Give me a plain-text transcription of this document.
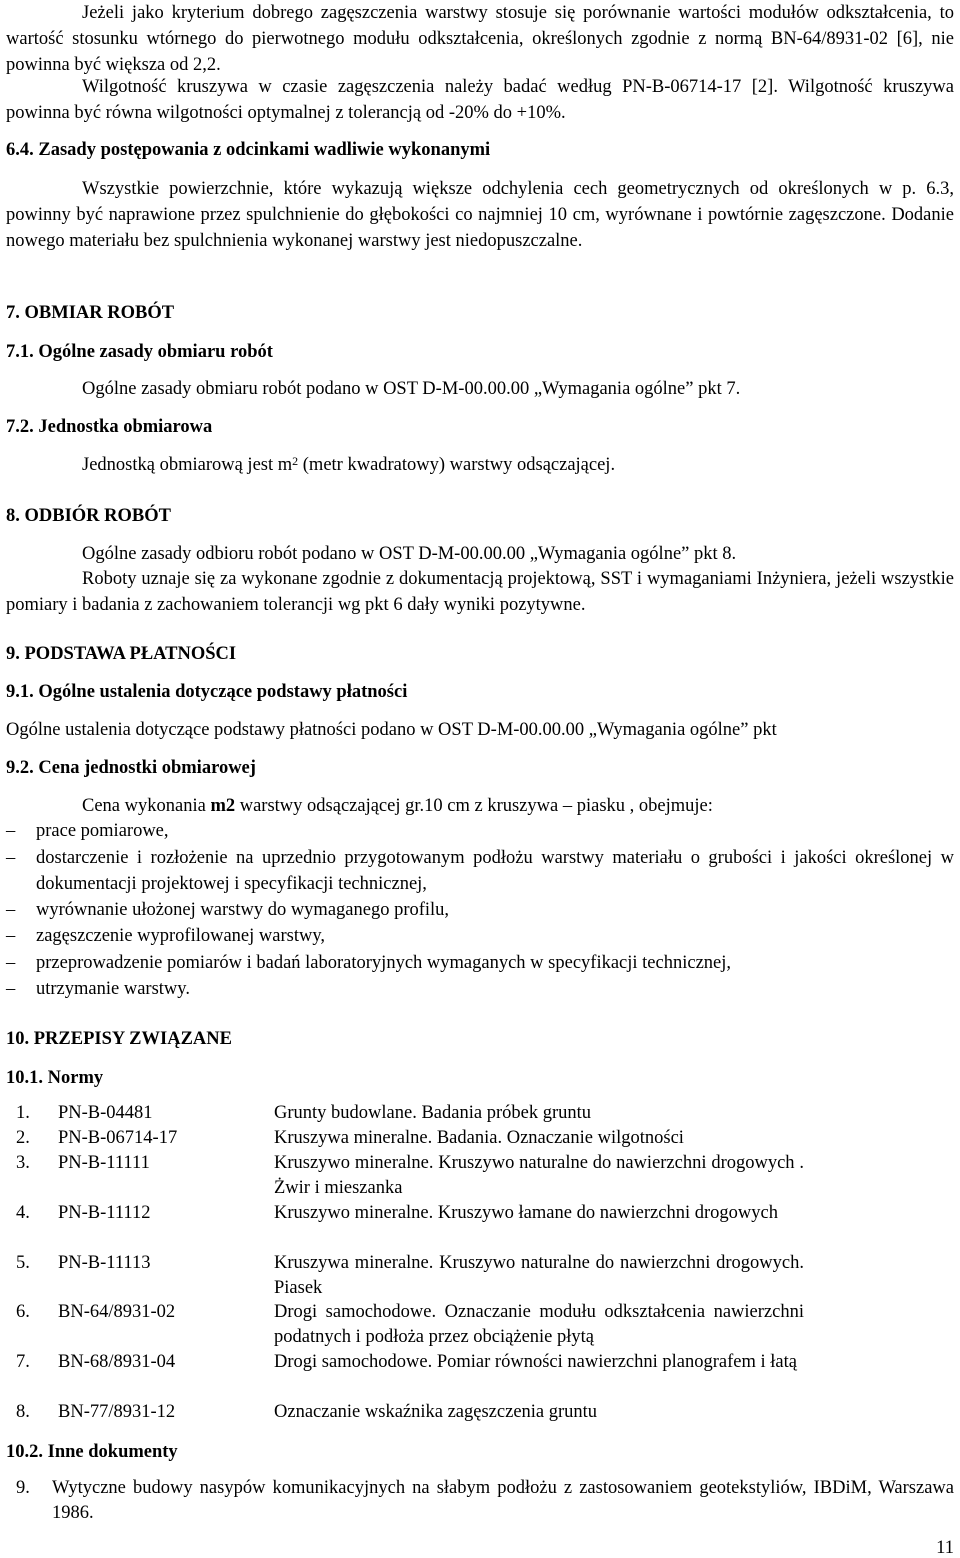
Jeżeli jako kryterium dobrego zagęszczenia warstwy stosuje się porównanie wartości modułów odkształcenia, to wartość stosunku wtórnego do pierwotnego modułu odkształcenia, określonych zgodnie z normą BN-64/8931-02 [6], nie powinna być większa od 2,2.

Wilgotność kruszywa w czasie zagęszczenia należy badać według PN-B-06714-17 [2]. Wilgotność kruszywa powinna być równa wilgotności optymalnej z tolerancją od -20% do +10%.

6.4. Zasady postępowania z odcinkami wadliwie wykonanymi

Wszystkie powierzchnie, które wykazują większe odchylenia cech geometrycznych od określonych w p. 6.3, powinny być naprawione przez spulchnienie do głębokości co najmniej 10 cm, wyrównane i powtórnie zagęszczone. Dodanie nowego materiału bez spulchnienia wykonanej warstwy jest niedopuszczalne.

7. OBMIAR ROBÓT
7.1. Ogólne zasady obmiaru robót
Ogólne zasady obmiaru robót podano w OST D-M-00.00.00 „Wymagania ogólne” pkt 7.
7.2. Jednostka obmiarowa
Jednostką obmiarową jest $m^2$ (metr kwadratowy) warstwy odsączającej.
8. ODBIÓR ROBÓT
Ogólne zasady odbioru robót podano w OST D-M-00.00.00 „Wymagania ogólne” pkt 8.

Roboty uznaje się za wykonane zgodnie z dokumentacją projektową, SST i wymaganiami Inżyniera, jeżeli wszystkie pomiary i badania z zachowaniem tolerancji wg pkt 6 dały wyniki pozytywne.

9. PODSTAWA PŁATNOŚCI
9.1. Ogólne ustalenia dotyczące podstawy płatności
Ogólne ustalenia dotyczące podstawy płatności podano w OST D-M-00.00.00 „Wymagania ogólne” pkt
9.2. Cena jednostki obmiarowej
Cena wykonania m2 warstwy odsączającej gr.10 cm z kruszywa – piasku , obejmuje:
–	prace pomiarowe,
–	dostarczenie i rozłożenie na uprzednio przygotowanym podłożu warstwy materiału o grubości i jakości określonej w dokumentacji projektowej i specyfikacji technicznej,
–	wyrównanie ułożonej warstwy do wymaganego profilu,
–	zagęszczenie wyprofilowanej warstwy,
–	przeprowadzenie pomiarów i badań laboratoryjnych wymaganych w specyfikacji technicznej,
–	utrzymanie warstwy.
10. PRZEPISY ZWIĄZANE
10.1. Normy
1. PN-B-04481	Grunty budowlane. Badania próbek gruntu
2. PN-B-06714-17	Kruszywa mineralne. Badania. Oznaczanie wilgotności
3. PN-B-11111	Kruszywo mineralne. Kruszywo naturalne do nawierzchni drogowych . Żwir i mieszanka
4. PN-B-11112	Kruszywo mineralne. Kruszywo łamane do nawierzchni drogowych
5. PN-B-11113	Kruszywa mineralne. Kruszywo naturalne do nawierzchni drogowych. Piasek
6. BN-64/8931-02	Drogi samochodowe. Oznaczanie modułu odkształcenia nawierzchni podatnych i podłoża przez obciążenie płytą
7. BN-68/8931-04	Drogi samochodowe. Pomiar równości nawierzchni planografem i łatą
8. BN-77/8931-12	Oznaczanie wskaźnika zagęszczenia gruntu
10.2. Inne dokumenty
9. Wytyczne budowy nasypów komunikacyjnych na słabym podłożu z zastosowaniem geotekstyliów, IBDiM, Warszawa 1986.
11
